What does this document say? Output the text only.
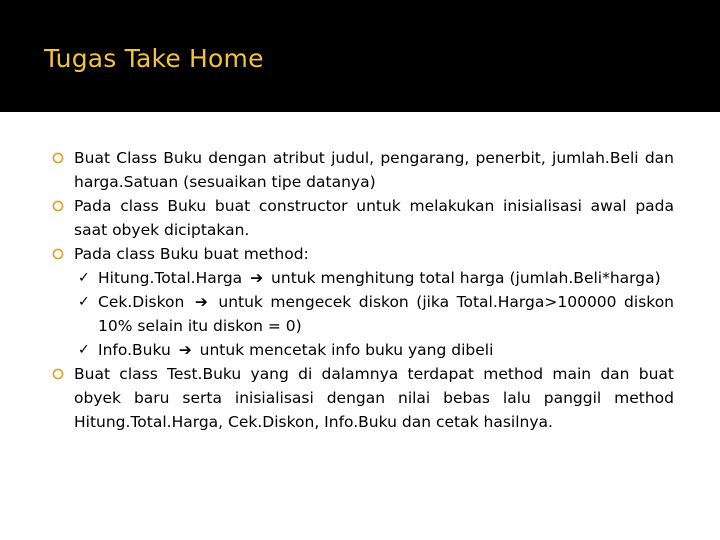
Tugas Take Home
Buat Class Buku dengan atribut judul, pengarang, penerbit, jumlah.Beli dan harga.Satuan (sesuaikan tipe datanya)
Pada class Buku buat constructor untuk melakukan inisialisasi awal pada saat obyek diciptakan.
Pada class Buku buat method:
✓ Hitung.Total.Harga ➔ untuk menghitung total harga (jumlah.Beli*harga)
✓ Cek.Diskon ➔ untuk mengecek diskon (jika Total.Harga>100000 diskon 10% selain itu diskon = 0)
✓ Info.Buku ➔ untuk mencetak info buku yang dibeli
Buat class Test.Buku yang di dalamnya terdapat method main dan buat obyek baru serta inisialisasi dengan nilai bebas lalu panggil method Hitung.Total.Harga, Cek.Diskon, Info.Buku dan cetak hasilnya.
